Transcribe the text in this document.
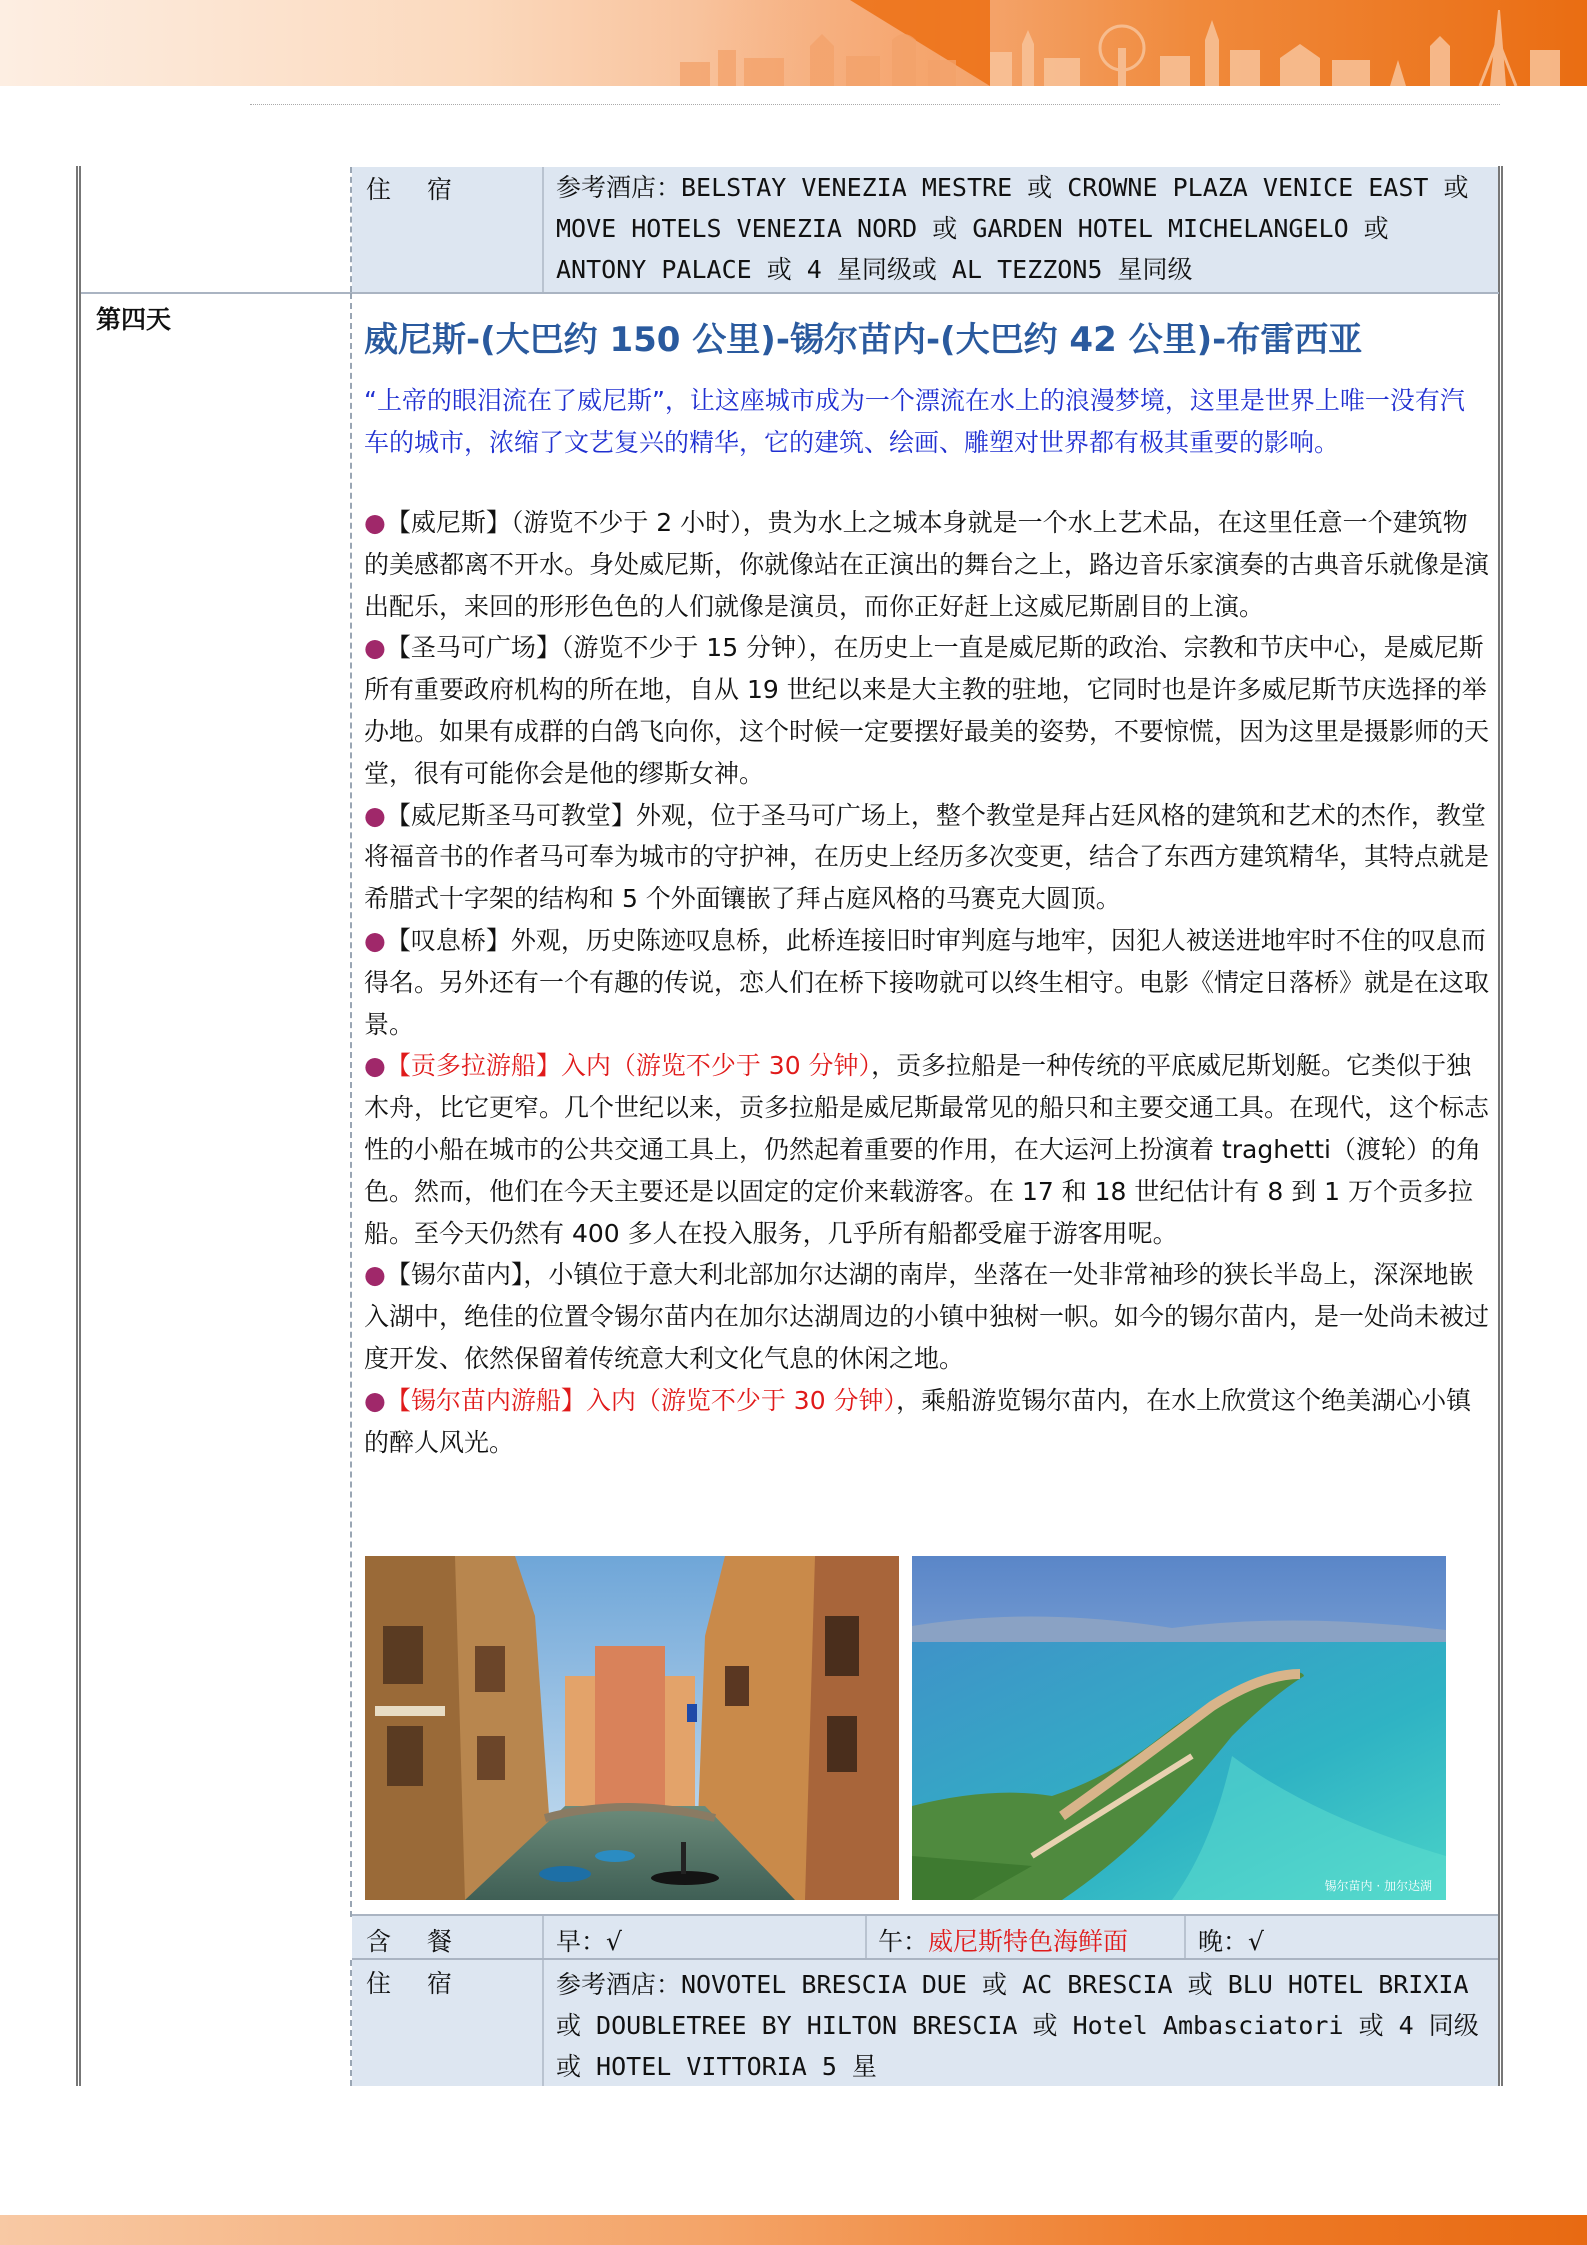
住 宿	参考酒店：BELSTAY VENEZIA MESTRE 或 CROWNE PLAZA VENICE EAST 或 MOVE HOTELS VENEZIA NORD 或 GARDEN HOTEL MICHELANGELO 或 ANTONY PALACE 或 4 星同级或 AL TEZZON5 星同级
第四天
威尼斯-(大巴约 150 公里)-锡尔苗内-(大巴约 42 公里)-布雷西亚
“上帝的眼泪流在了威尼斯”，让这座城市成为一个漂流在水上的浪漫梦境，这里是世界上唯一没有汽车的城市，浓缩了文艺复兴的精华，它的建筑、绘画、雕塑对世界都有极其重要的影响。

●【威尼斯】（游览不少于 2 小时），贵为水上之城本身就是一个水上艺术品，在这里任意一个建筑物的美感都离不开水。身处威尼斯，你就像站在正演出的舞台之上，路边音乐家演奏的古典音乐就像是演出配乐，来回的形形色色的人们就像是演员，而你正好赶上这威尼斯剧目的上演。

●【圣马可广场】（游览不少于 15 分钟），在历史上一直是威尼斯的政治、宗教和节庆中心，是威尼斯所有重要政府机构的所在地，自从 19 世纪以来是大主教的驻地，它同时也是许多威尼斯节庆选择的举办地。如果有成群的白鸽飞向你，这个时候一定要摆好最美的姿势，不要惊慌，因为这里是摄影师的天堂，很有可能你会是他的缪斯女神。

●【威尼斯圣马可教堂】外观，位于圣马可广场上，整个教堂是拜占廷风格的建筑和艺术的杰作，教堂将福音书的作者马可奉为城市的守护神，在历史上经历多次变更，结合了东西方建筑精华，其特点就是希腊式十字架的结构和 5 个外面镶嵌了拜占庭风格的马赛克大圆顶。

●【叹息桥】外观，历史陈迹叹息桥，此桥连接旧时审判庭与地牢，因犯人被送进地牢时不住的叹息而得名。另外还有一个有趣的传说，恋人们在桥下接吻就可以终生相守。电影《情定日落桥》就是在这取景。

●【贡多拉游船】入内（游览不少于 30 分钟），贡多拉船是一种传统的平底威尼斯划艇。它类似于独木舟，比它更窄。几个世纪以来，贡多拉船是威尼斯最常见的船只和主要交通工具。在现代，这个标志性的小船在城市的公共交通工具上，仍然起着重要的作用，在大运河上扮演着 traghetti（渡轮）的角色。然而，他们在今天主要还是以固定的定价来载游客。在 17 和 18 世纪估计有 8 到 1 万个贡多拉船。至今天仍然有 400 多人在投入服务，几乎所有船都受雇于游客用呢。

●【锡尔苗内】，小镇位于意大利北部加尔达湖的南岸，坐落在一处非常袖珍的狭长半岛上，深深地嵌入湖中，绝佳的位置令锡尔苗内在加尔达湖周边的小镇中独树一帜。如今的锡尔苗内，是一处尚未被过度开发、依然保留着传统意大利文化气息的休闲之地。

●【锡尔苗内游船】入内（游览不少于 30 分钟），乘船游览锡尔苗内，在水上欣赏这个绝美湖心小镇的醉人风光。

锡尔苗内 · 加尔达湖
含 餐	早：√	午：威尼斯特色海鲜面	晚：√
住 宿	参考酒店：NOVOTEL BRESCIA DUE 或 AC BRESCIA 或 BLU HOTEL BRIXIA 或 DOUBLETREE BY HILTON BRESCIA 或 Hotel Ambasciatori 或 4 同级或 HOTEL VITTORIA 5 星
